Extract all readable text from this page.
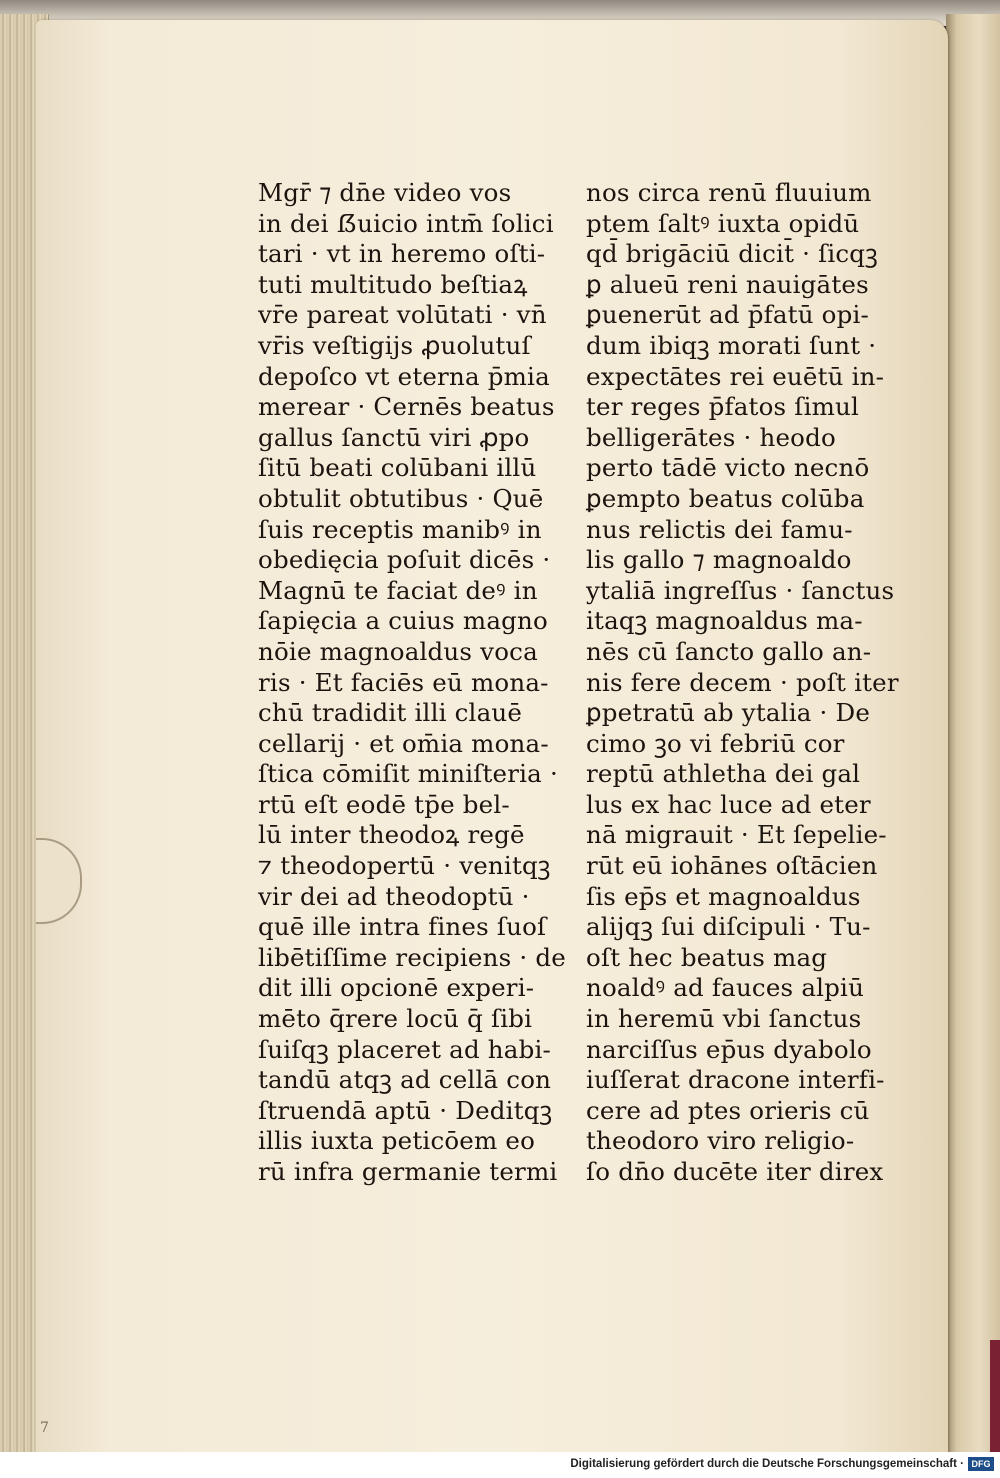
7
Mgr̄ ⁊ dn̄e video vos
in dei ẞuicio intm̄ ſolici
tari · vt in heremo oſti-
tuti multitudo beſtiaꝝ
vr̄e pareat volūtati · vn̄
vr̄is veſtigijs ꝓuolutuſ
depoſco vt eterna p̄mia
merear · Cernēs beatus
gallus ſanctū viri ꝓpo
ſitū beati colūbani illū
obtulit obtutibus · Quē
ſuis receptis manibꝰ in
obedięcia poſuit dicēs ·
Magnū te faciat deꝰ in
ſapięcia a cuius magno
nōie magnoaldus voca
ris · Et faciēs eū mona-
chū tradidit illi clauē
cellarij · et om̄ia mona-
ſtica cōmiſit miniſteria ·
rtū eſt eodē tp̄e bel-
lū inter theodoꝝ regē
⁊ theodopertū · venitqꝫ
vir dei ad theodoptū ·
quē ille intra fines ſuoſ
libētiſſime recipiens · de
dit illi opcionē experi-
mēto q̄rere locū q̄ ſibi
ſuiſqꝫ placeret ad habi-
tandū atqꝫ ad cellā con
ſtruendā aptū · Deditqꝫ
illis iuxta peticōem eo
rū infra germanie termi
nos circa renū fluuium
ptem ſaltꝰ iuxta opidū
qd̄ brigāciū dicit̄ · ſicqꝫ
ꝑ alueū reni nauigātes
ꝑuenerūt ad p̄fatū opi-
dum ibiqꝫ morati ſunt ·
expectātes rei euētū in-
ter reges p̄fatos ſimul
belligerātes · heodo
perto tādē victo necnō
ꝑempto beatus colūba
nus relictis dei famu-
lis gallo ⁊ magnoaldo
ytaliā ingreſſus · ſanctus
itaqꝫ magnoaldus ma-
nēs cū ſancto gallo an-
nis fere decem · poſt iter
ꝑpetratū ab ytalia · De
cimo ꝫo vi febriū cor
reptū athletha dei gal
lus ex hac luce ad eter
nā migrauit · Et ſepelie-
rūt eū iohānes oſtācien
ſis ep̄s et magnoaldus
alijqꝫ ſui diſcipuli · Tu-
oſt hec beatus mag
noaldꝰ ad fauces alpiū
in heremū vbi ſanctus
narciſſus ep̄us dyabolo
iuſſerat dracone interfi-
cere ad ptes orieris cū
theodoro viro religio-
ſo dn̄o ducēte iter direx
Digitalisierung gefördert durch die Deutsche Forschungsgemeinschaft · DFG
